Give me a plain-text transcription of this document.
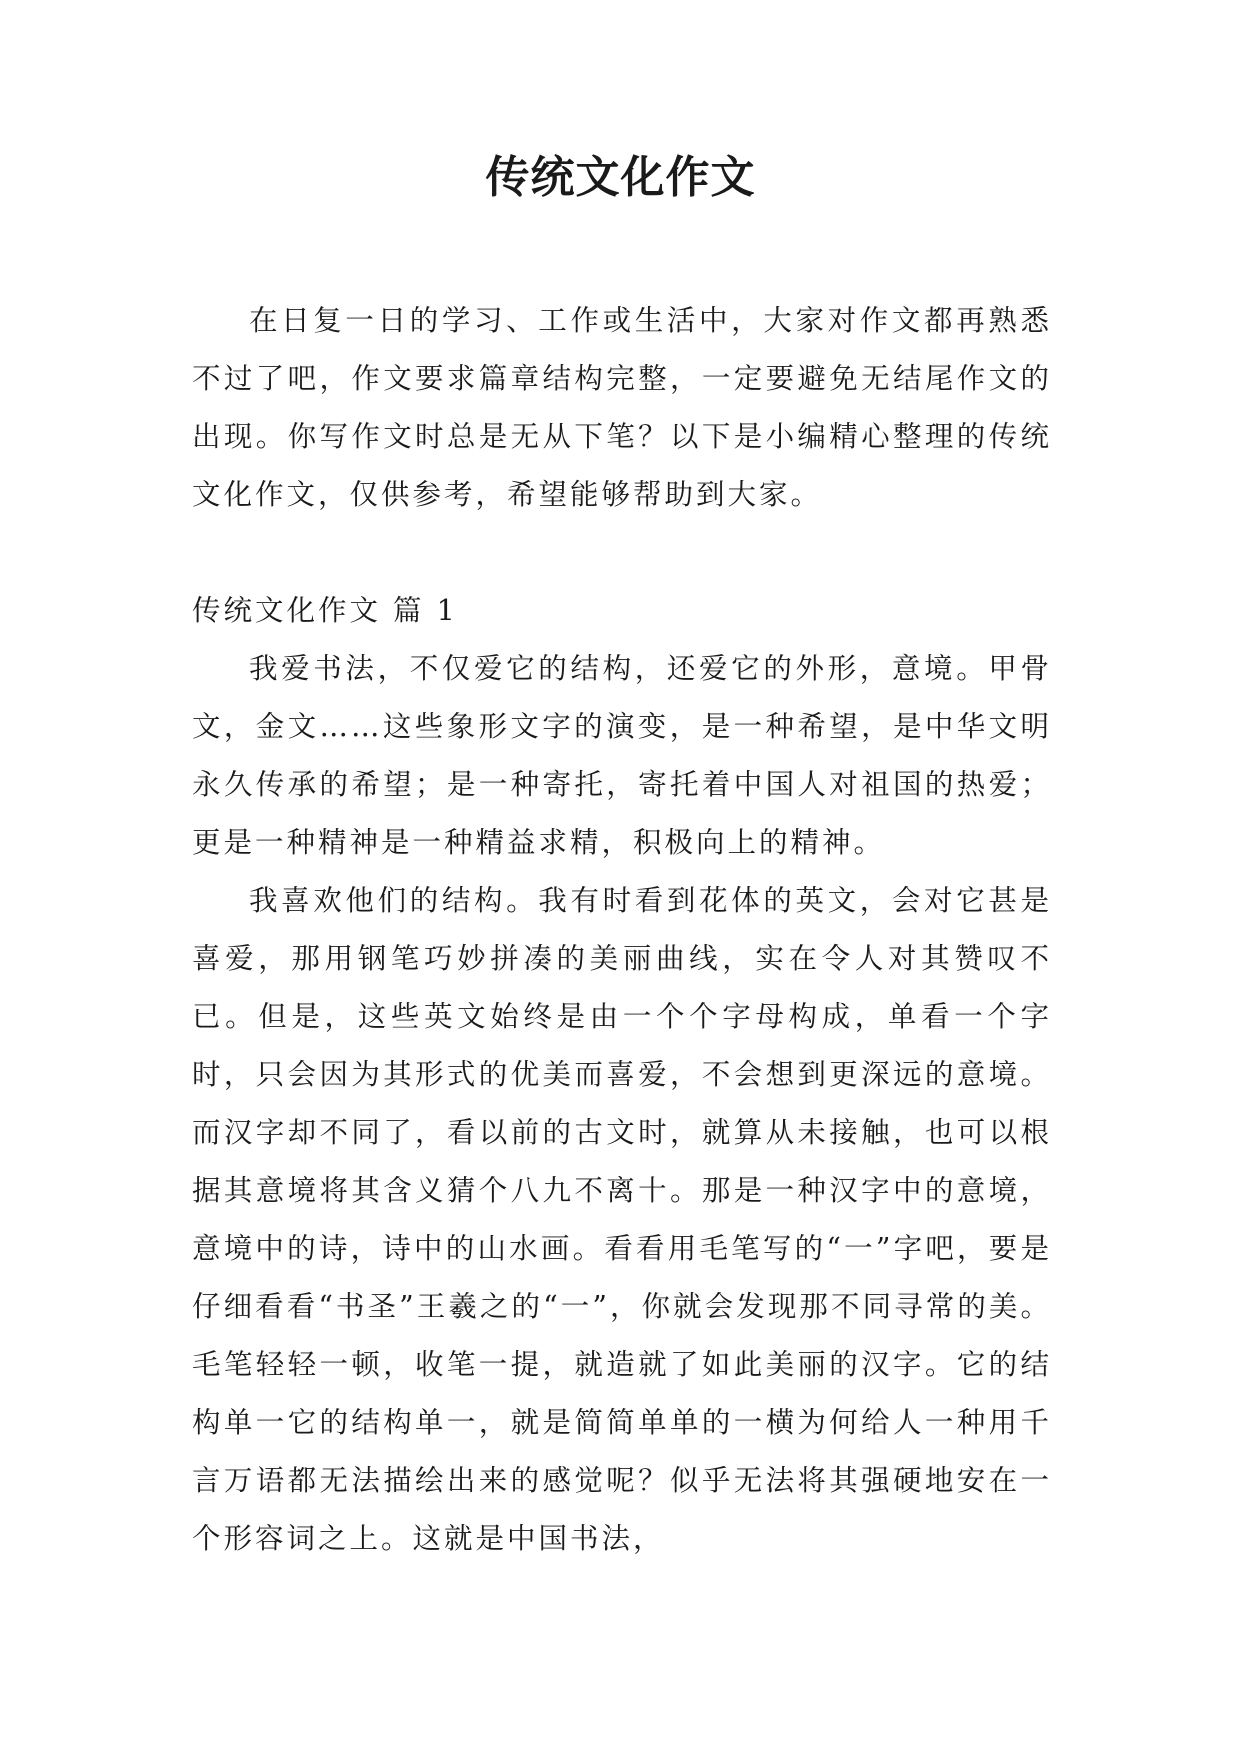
传统文化作文

在日复一日的学习、工作或生活中，大家对作文都再熟悉不过了吧，作文要求篇章结构完整，一定要避免无结尾作文的出现。你写作文时总是无从下笔？以下是小编精心整理的传统文化作文，仅供参考，希望能够帮助到大家。

传统文化作文 篇 1

我爱书法，不仅爱它的结构，还爱它的外形，意境。甲骨文，金文……这些象形文字的演变，是一种希望，是中华文明永久传承的希望；是一种寄托，寄托着中国人对祖国的热爱；更是一种精神是一种精益求精，积极向上的精神。

我喜欢他们的结构。我有时看到花体的英文，会对它甚是喜爱，那用钢笔巧妙拼凑的美丽曲线，实在令人对其赞叹不已。但是，这些英文始终是由一个个字母构成，单看一个字时，只会因为其形式的优美而喜爱，不会想到更深远的意境。而汉字却不同了，看以前的古文时，就算从未接触，也可以根据其意境将其含义猜个八九不离十。那是一种汉字中的意境，意境中的诗，诗中的山水画。看看用毛笔写的“一”字吧，要是仔细看看“书圣”王羲之的“一”，你就会发现那不同寻常的美。毛笔轻轻一顿，收笔一提，就造就了如此美丽的汉字。它的结构单一它的结构单一，就是简简单单的一横为何给人一种用千言万语都无法描绘出来的感觉呢？似乎无法将其强硬地安在一个形容词之上。这就是中国书法，
